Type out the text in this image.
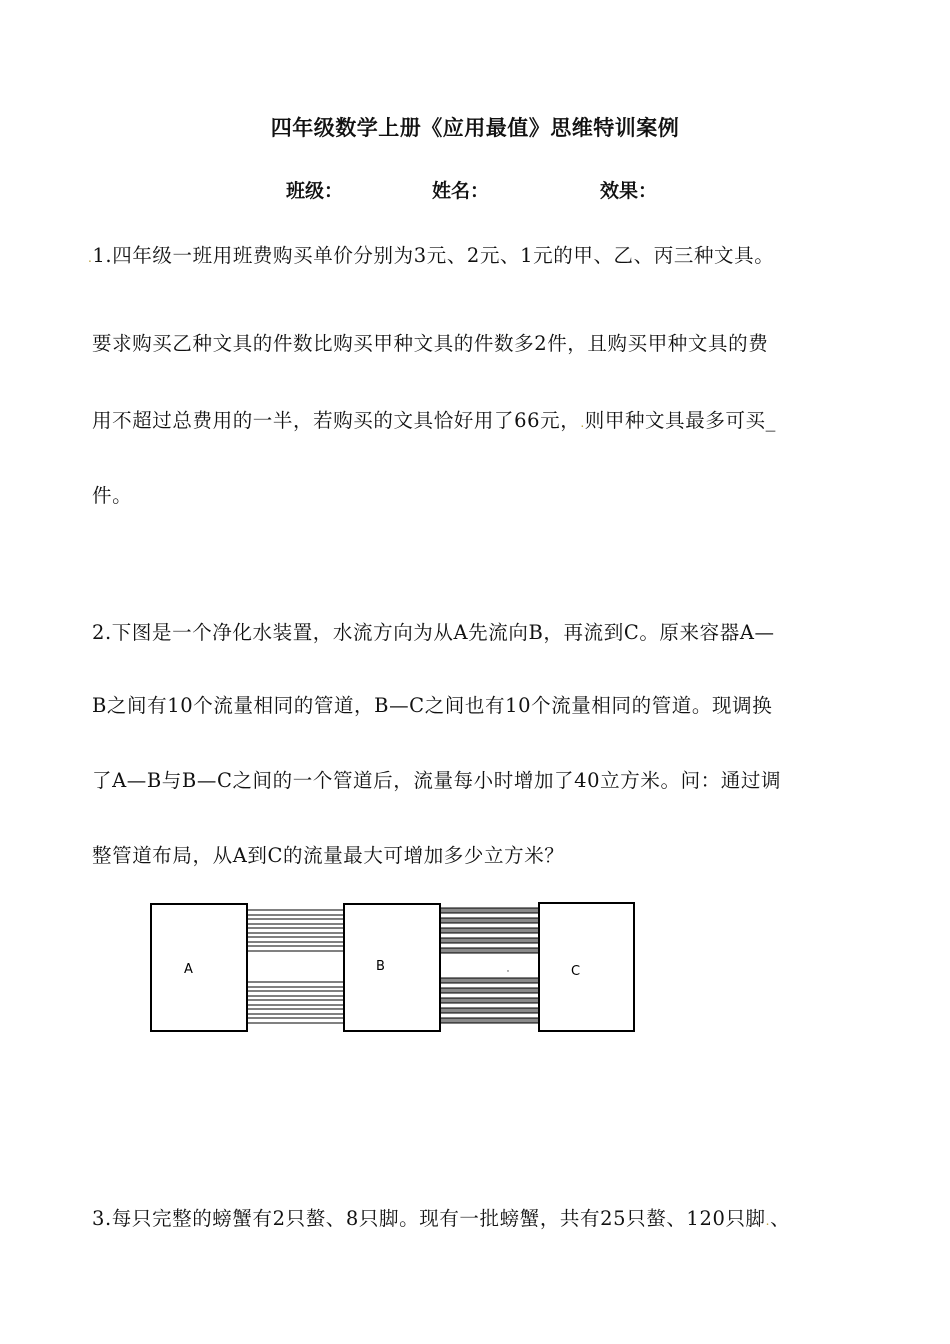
四年级数学上册《应用最值》思维特训案例
班级：	姓名：	效果：
.1.四年级一班用班费购买单价分别为3元、2元、1元的甲、乙、丙三种文具。
要求购买乙种文具的件数比购买甲种文具的件数多2件，且购买甲种文具的费
用不超过总费用的一半，若购买的文具恰好用了66元，.则甲种文具最多可买_
件。
2.下图是一个净化水装置，水流方向为从A先流向B，再流到C。原来容器A—
B之间有10个流量相同的管道，B—C之间也有10个流量相同的管道。现调换
了A—B与B—C之间的一个管道后，流量每小时增加了40立方米。问：通过调
整管道布局，从A到C的流量最大可增加多少立方米？
A	B	C
3.每只完整的螃蟹有2只螯、8只脚。现有一批螃蟹，共有25只螯、120只脚.、
